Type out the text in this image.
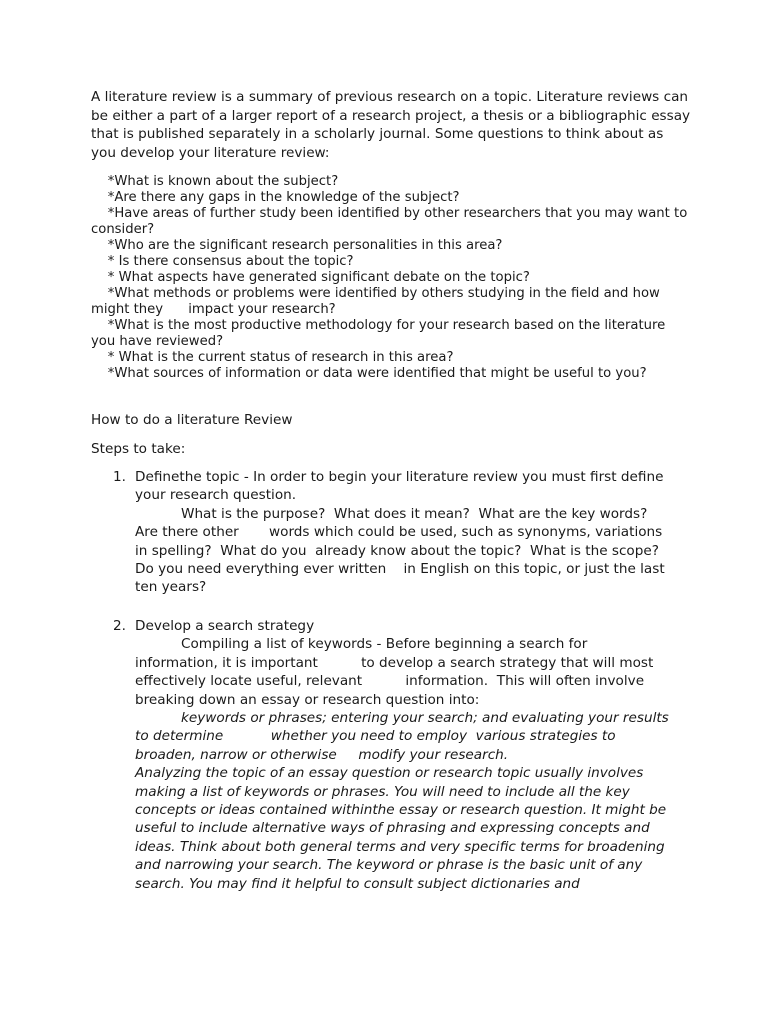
A literature review is a summary of previous research on a topic. Literature reviews can be either a part of a larger report of a research project, a thesis or a bibliographic essay that is published separately in a scholarly journal. Some questions to think about as you develop your literature review:

*What is known about the subject?
*Are there any gaps in the knowledge of the subject?
*Have areas of further study been identified by other researchers that you may want to consider?
*Who are the significant research personalities in this area?
* Is there consensus about the topic?
* What aspects have generated significant debate on the topic?
*What methods or problems were identified by others studying in the field and how might they      impact your research?
*What is the most productive methodology for your research based on the literature you have reviewed?
* What is the current status of research in this area?
*What sources of information or data were identified that might be useful to you?

How to do a literature Review

Steps to take:

1. Definethe topic - In order to begin your literature review you must first define your research question.

What is the purpose?  What does it mean?  What are the key words?  Are there other       words which could be used, such as synonyms, variations in spelling?  What do you  already know about the topic?  What is the scope?  Do you need everything ever written    in English on this topic, or just the last ten years?

2. Develop a search strategy

Compiling a list of keywords - Before beginning a search for information, it is important          to develop a search strategy that will most effectively locate useful, relevant          information.  This will often involve breaking down an essay or research question into:

keywords or phrases; entering your search; and evaluating your results to determine           whether you need to employ  various strategies to broaden, narrow or otherwise     modify your research.

Analyzing the topic of an essay question or research topic usually involves making a list of keywords or phrases. You will need to include all the key concepts or ideas contained withinthe essay or research question. It might be useful to include alternative ways of phrasing and expressing concepts and ideas. Think about both general terms and very specific terms for broadening and narrowing your search. The keyword or phrase is the basic unit of any search. You may find it helpful to consult subject dictionaries and
